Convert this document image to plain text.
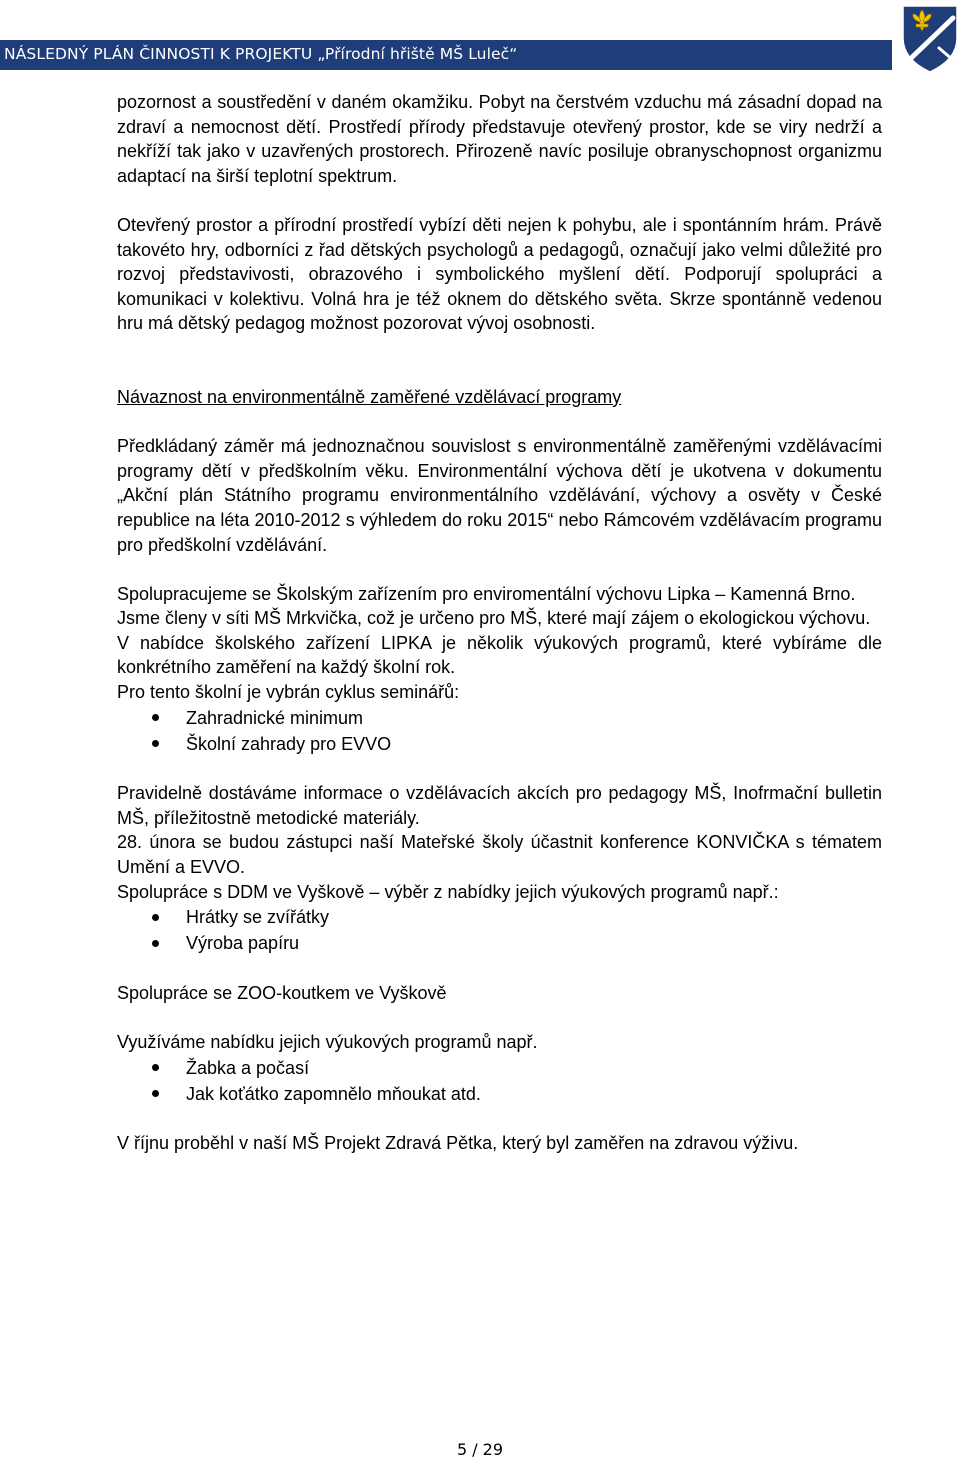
NÁSLEDNÝ PLÁN ČINNOSTI K PROJEKTU „Přírodní hřiště MŠ Luleč“

pozornost a soustředění v daném okamžiku. Pobyt na čerstvém vzduchu má zásadní dopad na zdraví a nemocnost dětí. Prostředí přírody představuje otevřený prostor, kde se viry nedrží a nekříží tak jako v uzavřených prostorech. Přirozeně navíc posiluje obranyschopnost organizmu adaptací na širší teplotní spektrum.

Otevřený prostor a přírodní prostředí vybízí děti nejen k pohybu, ale i spontánním hrám. Právě takovéto hry, odborníci z řad dětských psychologů a pedagogů, označují jako velmi důležité pro rozvoj představivosti, obrazového i symbolického myšlení dětí. Podporují spolupráci a komunikaci v kolektivu. Volná hra je též oknem do dětského světa. Skrze spontánně vedenou hru má dětský pedagog možnost pozorovat vývoj osobnosti.

Návaznost na environmentálně zaměřené vzdělávací programy

Předkládaný záměr má jednoznačnou souvislost s environmentálně zaměřenými vzdělávacími programy dětí v předškolním věku. Environmentální výchova dětí je ukotvena v dokumentu „Akční plán Státního programu environmentálního vzdělávání, výchovy a osvěty v České republice na léta 2010-2012 s výhledem do roku 2015“ nebo Rámcovém vzdělávacím programu pro předškolní vzdělávání.

Spolupracujeme se Školským zařízením pro enviromentální výchovu Lipka – Kamenná Brno.

Jsme členy v síti MŠ Mrkvička, což je určeno pro MŠ, které mají zájem o ekologickou výchovu.

V nabídce školského zařízení LIPKA je několik výukových programů, které vybíráme dle konkrétního zaměření na každý školní rok.

Pro tento školní je vybrán cyklus seminářů:

Zahradnické minimum
Školní zahrady pro EVVO

Pravidelně dostáváme informace o vzdělávacích akcích pro pedagogy MŠ, Inofrmační bulletin MŠ, příležitostně metodické materiály.

28. února se budou zástupci naší Mateřské školy účastnit konference KONVIČKA s tématem Umění a EVVO.

Spolupráce s DDM ve Vyškově – výběr z nabídky jejich výukových programů např.:

Hrátky se zvířátky
Výroba papíru

Spolupráce se ZOO-koutkem ve Vyškově

Využíváme nabídku jejich výukových programů např.

Žabka a počasí
Jak koťátko zapomnělo mňoukat atd.

V říjnu proběhl v naší MŠ Projekt Zdravá Pětka, který byl zaměřen na zdravou výživu.

5 / 29
